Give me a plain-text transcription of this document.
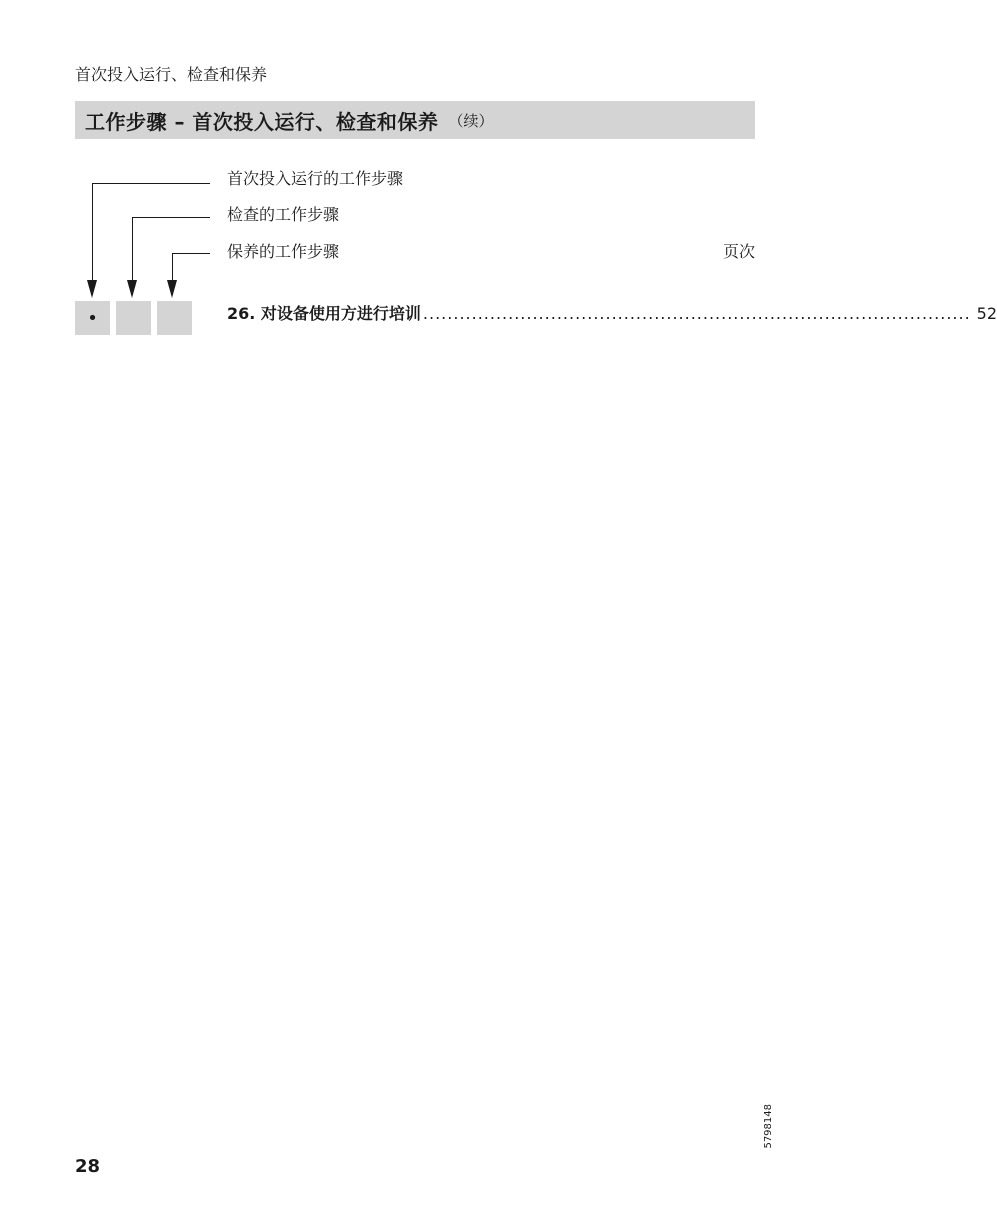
首次投入运行、检查和保养
工作步骤 – 首次投入运行、检查和保养 （续）
首次投入运行的工作步骤
检查的工作步骤
保养的工作步骤	页次
•	26. 对设备使用方进行培训 .......................................................................................... 52
5798148
28
